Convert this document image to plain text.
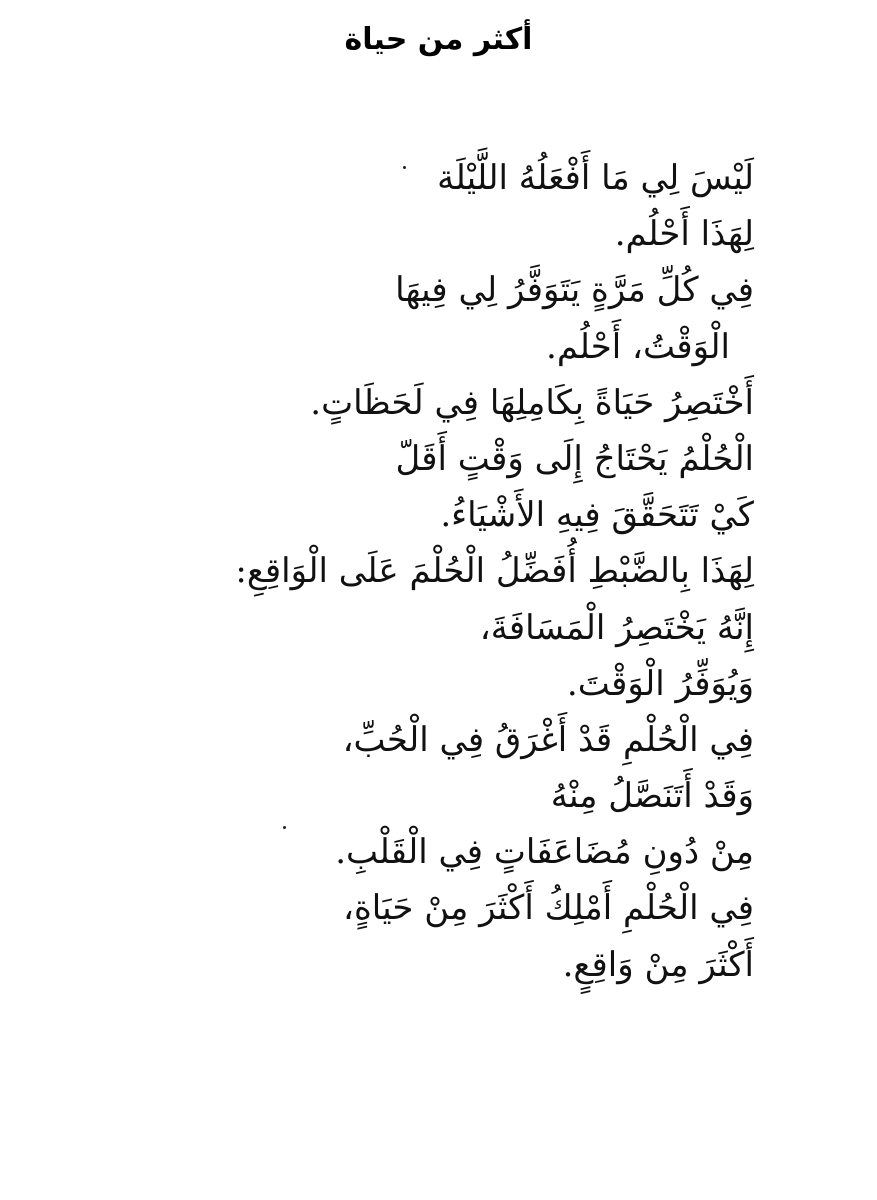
أكثر من حياة
لَيْسَ لِي مَا أَفْعَلُهُ اللَّيْلَة
لِهَذَا أَحْلُم.
فِي كُلِّ مَرَّةٍ يَتَوَفَّرُ لِي فِيهَا
الْوَقْتُ، أَحْلُم.
أَخْتَصِرُ حَيَاةً بِكَامِلِهَا فِي لَحَظَاتٍ.
الْحُلْمُ يَحْتَاجُ إِلَى وَقْتٍ أَقَلّ
كَيْ تَتَحَقَّقَ فِيهِ الأَشْيَاءُ.
لِهَذَا بِالضَّبْطِ أُفَضِّلُ الْحُلْمَ عَلَى الْوَاقِعِ:
إِنَّهُ يَخْتَصِرُ الْمَسَافَةَ،
وَيُوَفِّرُ الْوَقْتَ.
فِي الْحُلْمِ قَدْ أَغْرَقُ فِي الْحُبِّ،
وَقَدْ أَتَنَصَّلُ مِنْهُ
مِنْ دُونِ مُضَاعَفَاتٍ فِي الْقَلْبِ.
فِي الْحُلْمِ أَمْلِكُ أَكْثَرَ مِنْ حَيَاةٍ،
أَكْثَرَ مِنْ وَاقِعٍ.
